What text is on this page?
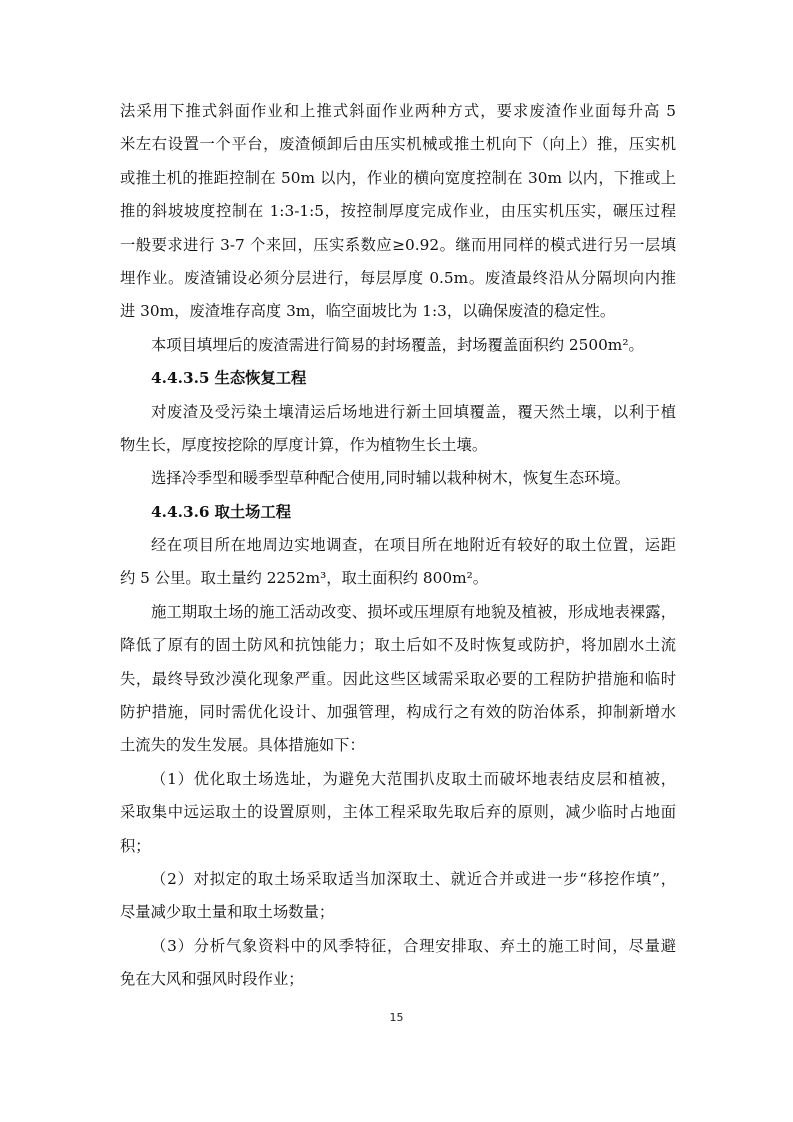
法采用下推式斜面作业和上推式斜面作业两种方式，要求废渣作业面每升高 5
米左右设置一个平台，废渣倾卸后由压实机械或推土机向下（向上）推，压实机
或推土机的推距控制在 50m 以内，作业的横向宽度控制在 30m 以内，下推或上
推的斜坡坡度控制在 1:3-1:5，按控制厚度完成作业，由压实机压实，碾压过程
一般要求进行 3-7 个来回，压实系数应≥0.92。继而用同样的模式进行另一层填
埋作业。废渣铺设必须分层进行，每层厚度 0.5m。废渣最终沿从分隔坝向内推
进 30m，废渣堆存高度 3m，临空面坡比为 1:3，以确保废渣的稳定性。
本项目填埋后的废渣需进行简易的封场覆盖，封场覆盖面积约 2500m²。
4.4.3.5 生态恢复工程
对废渣及受污染土壤清运后场地进行新土回填覆盖，覆天然土壤，以利于植
物生长，厚度按挖除的厚度计算，作为植物生长土壤。
选择冷季型和暖季型草种配合使用,同时辅以栽种树木，恢复生态环境。
4.4.3.6 取土场工程
经在项目所在地周边实地调查，在项目所在地附近有较好的取土位置，运距
约 5 公里。取土量约 2252m³，取土面积约 800m²。
施工期取土场的施工活动改变、损坏或压埋原有地貌及植被，形成地表裸露，
降低了原有的固土防风和抗蚀能力；取土后如不及时恢复或防护，将加剧水土流
失，最终导致沙漠化现象严重。因此这些区域需采取必要的工程防护措施和临时
防护措施，同时需优化设计、加强管理，构成行之有效的防治体系，抑制新增水
土流失的发生发展。具体措施如下：
（1）优化取土场选址，为避免大范围扒皮取土而破坏地表结皮层和植被，
采取集中远运取土的设置原则，主体工程采取先取后弃的原则，减少临时占地面
积；
（2）对拟定的取土场采取适当加深取土、就近合并或进一步“移挖作填”，
尽量减少取土量和取土场数量；
（3）分析气象资料中的风季特征，合理安排取、弃土的施工时间，尽量避
免在大风和强风时段作业；
15
